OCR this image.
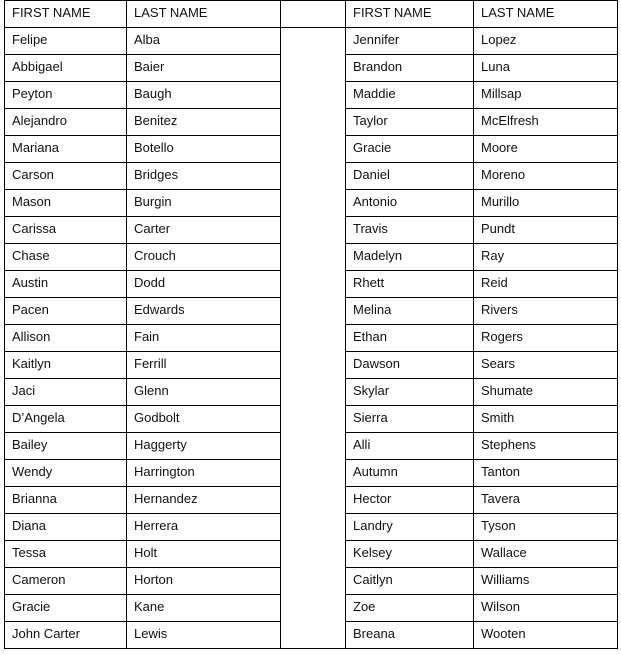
FIRST NAME	LAST NAME		FIRST NAME	LAST NAME
Felipe	Alba		Jennifer	Lopez
Abbigael	Baier		Brandon	Luna
Peyton	Baugh		Maddie	Millsap
Alejandro	Benitez		Taylor	McElfresh
Mariana	Botello		Gracie	Moore
Carson	Bridges		Daniel	Moreno
Mason	Burgin		Antonio	Murillo
Carissa	Carter		Travis	Pundt
Chase	Crouch		Madelyn	Ray
Austin	Dodd		Rhett	Reid
Pacen	Edwards		Melina	Rivers
Allison	Fain		Ethan	Rogers
Kaitlyn	Ferrill		Dawson	Sears
Jaci	Glenn		Skylar	Shumate
D’Angela	Godbolt		Sierra	Smith
Bailey	Haggerty		Alli	Stephens
Wendy	Harrington		Autumn	Tanton
Brianna	Hernandez		Hector	Tavera
Diana	Herrera		Landry	Tyson
Tessa	Holt		Kelsey	Wallace
Cameron	Horton		Caitlyn	Williams
Gracie	Kane		Zoe	Wilson
John Carter	Lewis		Breana	Wooten
